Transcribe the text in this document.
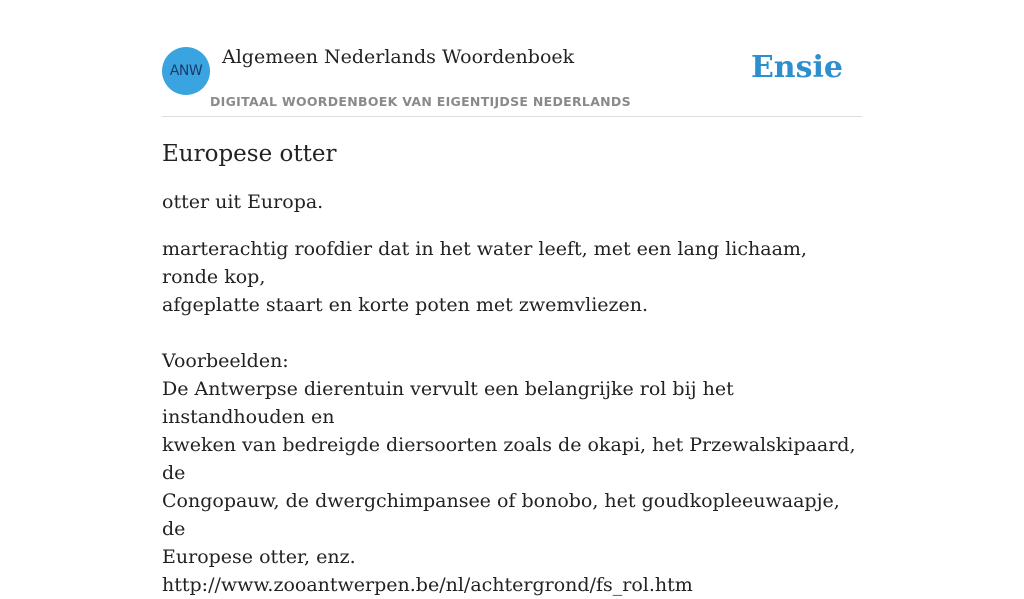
ANW
Algemeen Nederlands Woordenboek
DIGITAAL WOORDENBOEK VAN EIGENTIJDSE NEDERLANDS
Ensie
Europese otter

otter uit Europa.

marterachtig roofdier dat in het water leeft, met een lang lichaam, ronde kop,
afgeplatte staart en korte poten met zwemvliezen.

Voorbeelden:
De Antwerpse dierentuin vervult een belangrijke rol bij het instandhouden en
kweken van bedreigde diersoorten zoals de okapi, het Przewalskipaard, de
Congopauw, de dwergchimpansee of bonobo, het goudkopleeuwaapje, de
Europese otter, enz.
http://www.zooantwerpen.be/nl/achtergrond/fs_rol.htm
